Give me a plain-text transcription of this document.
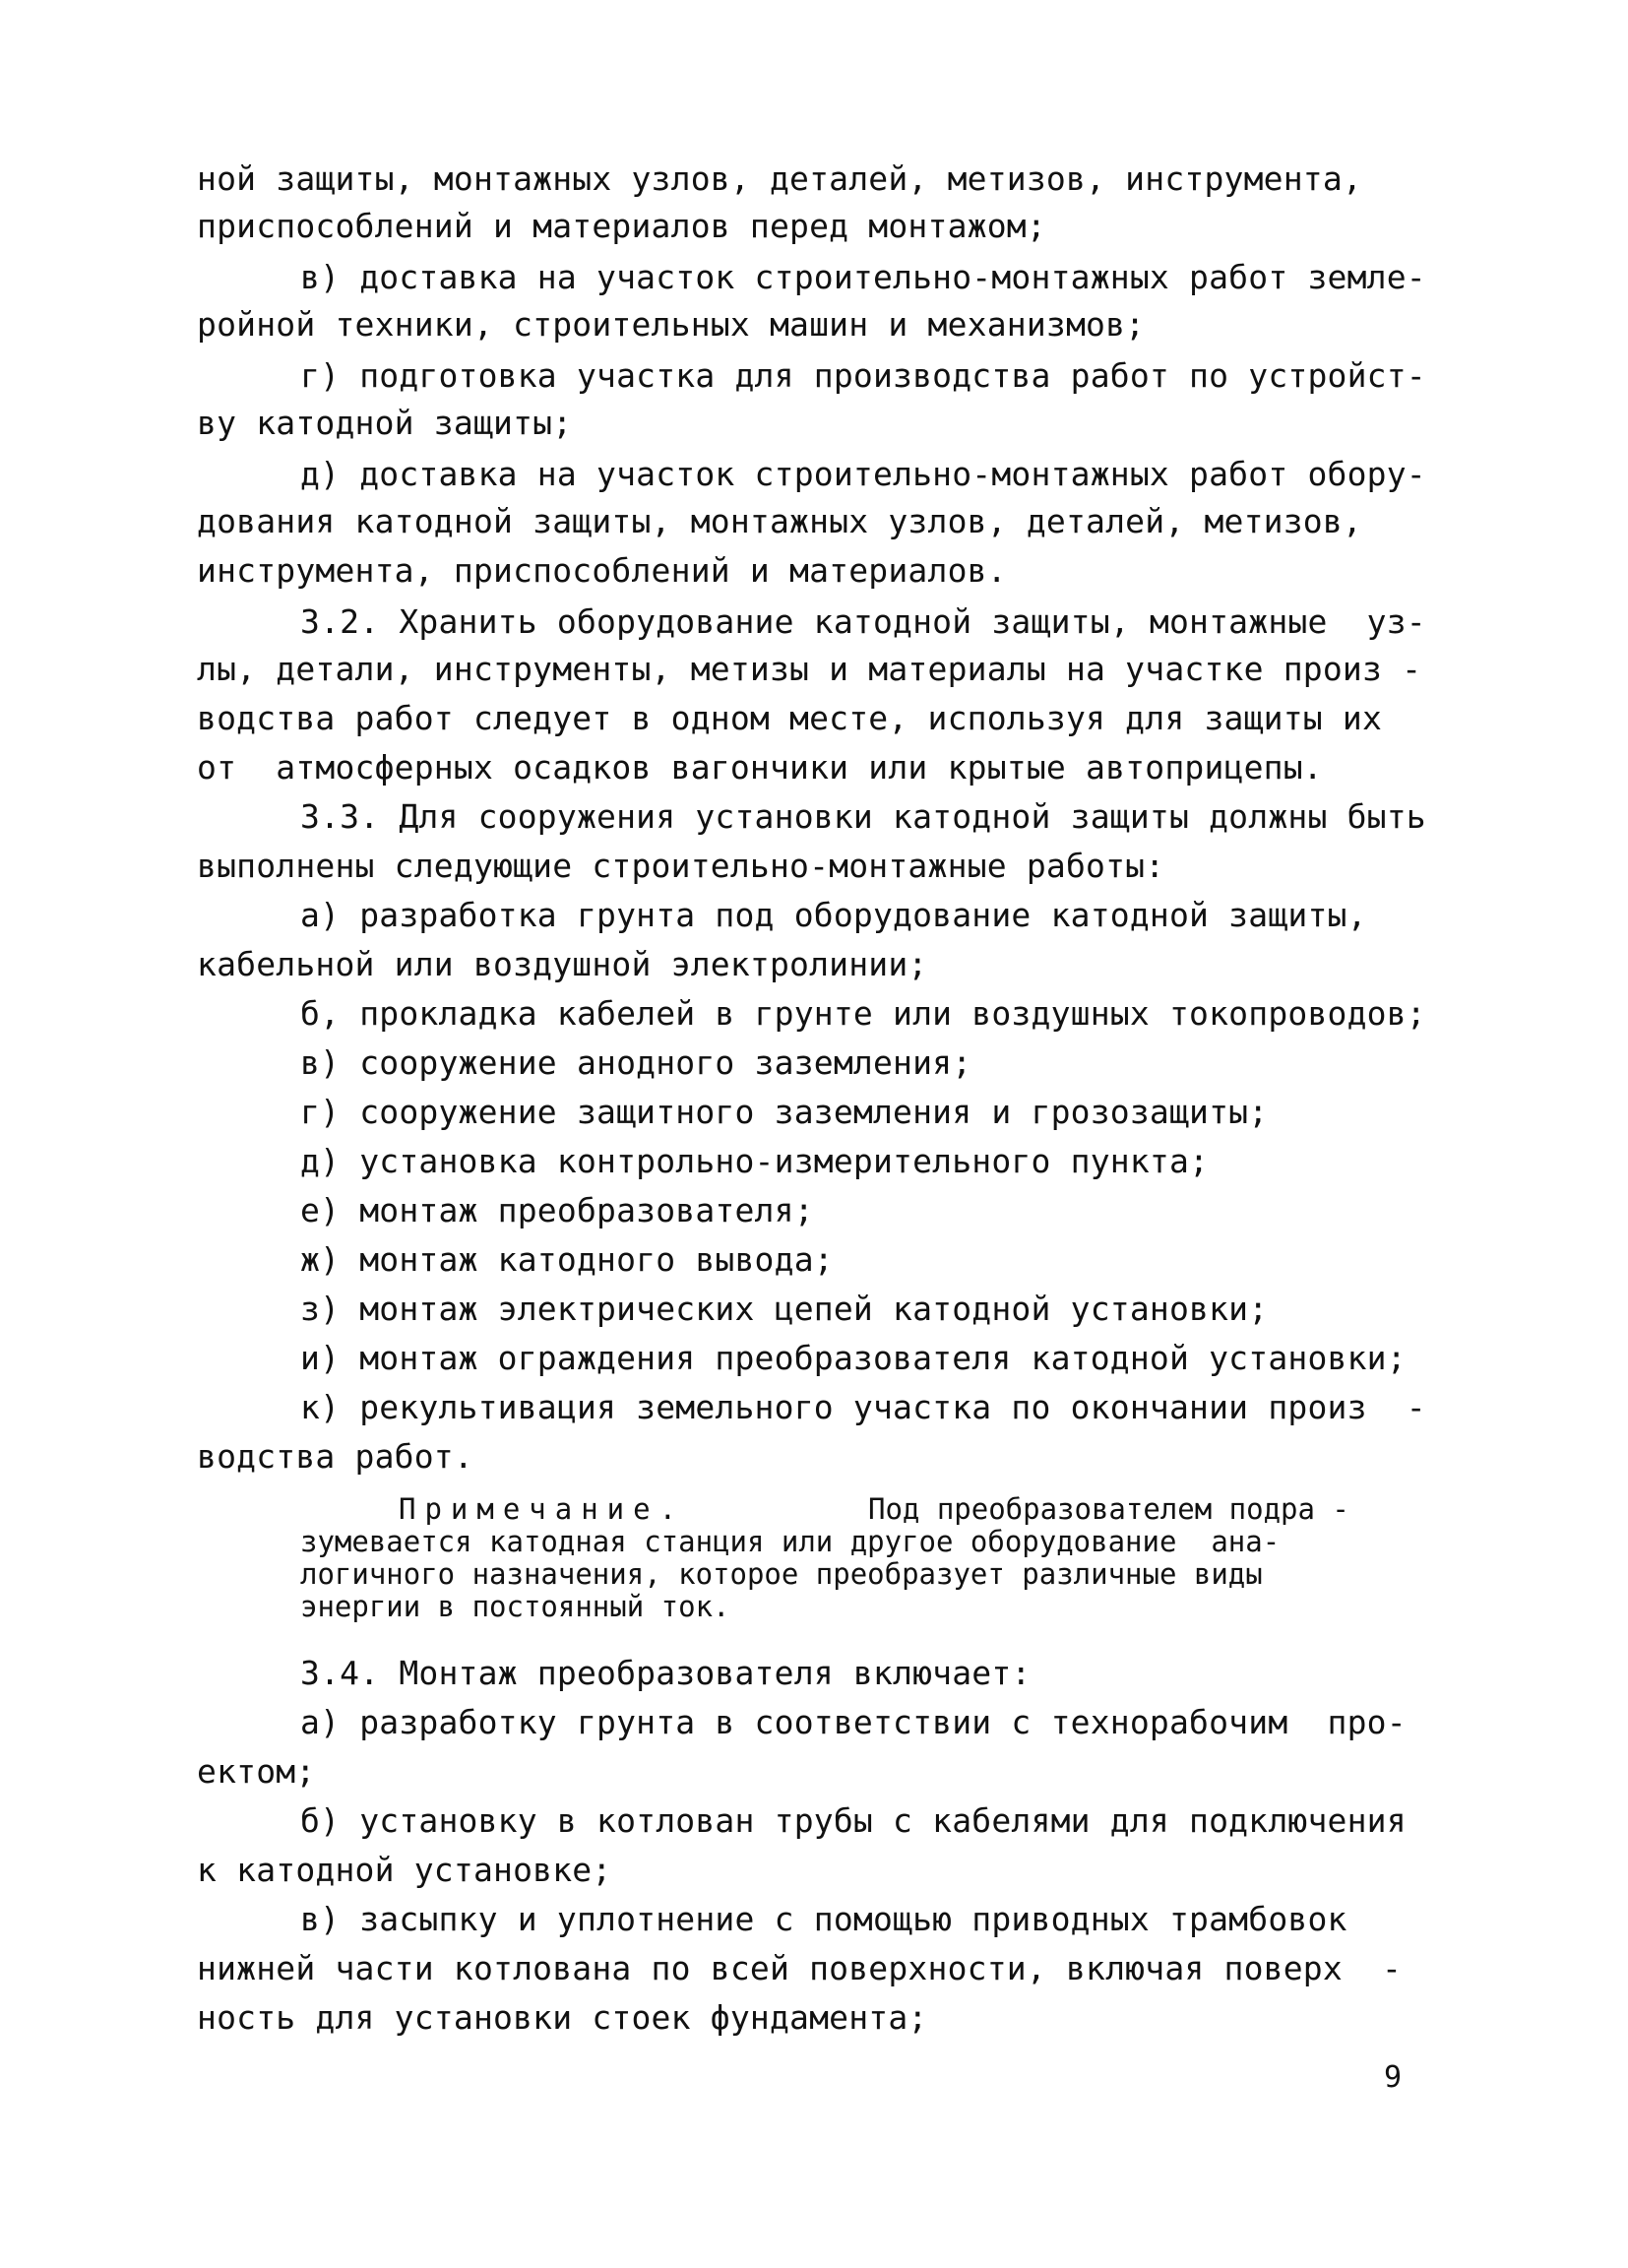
ной защиты, монтажных узлов, деталей, метизов, инструмента,
приспособлений и материалов перед монтажом;
в) доставка на участок строительно-монтажных работ земле-
ройной техники, строительных машин и механизмов;
г) подготовка участка для производства работ по устройст-
ву катодной защиты;
д) доставка на участок строительно-монтажных работ обору-
дования катодной защиты, монтажных узлов, деталей, метизов,
инструмента, приспособлений и материалов.
3.2. Хранить оборудование катодной защиты, монтажные  уз-
лы, детали, инструменты, метизы и материалы на участке произ -
водства работ следует в одном месте, используя для защиты их
от  атмосферных осадков вагончики или крытые автоприцепы.
3.3. Для сооружения установки катодной защиты должны быть
выполнены следующие строительно-монтажные работы:
а) разработка грунта под оборудование катодной защиты,
кабельной или воздушной электролинии;
б, прокладка кабелей в грунте или воздушных токопроводов;
в) сооружение анодного заземления;
г) сооружение защитного заземления и грозозащиты;
д) установка контрольно-измерительного пункта;
е) монтаж преобразователя;
ж) монтаж катодного вывода;
з) монтаж электрических цепей катодной установки;
и) монтаж ограждения преобразователя катодной установки;
к) рекультивация земельного участка по окончании произ  -
водства работ.
Примечание.	Под преобразователем подра -
зумевается катодная станция или другое оборудование  ана-
логичного назначения, которое преобразует различные виды
энергии в постоянный ток.
3.4. Монтаж преобразователя включает:
а) разработку грунта в соответствии с технорабочим  про-
ектом;
б) установку в котлован трубы с кабелями для подключения
к катодной установке;
в) засыпку и уплотнение с помощью приводных трамбовок
нижней части котлована по всей поверхности, включая поверх  -
ность для установки стоек фундамента;
9
